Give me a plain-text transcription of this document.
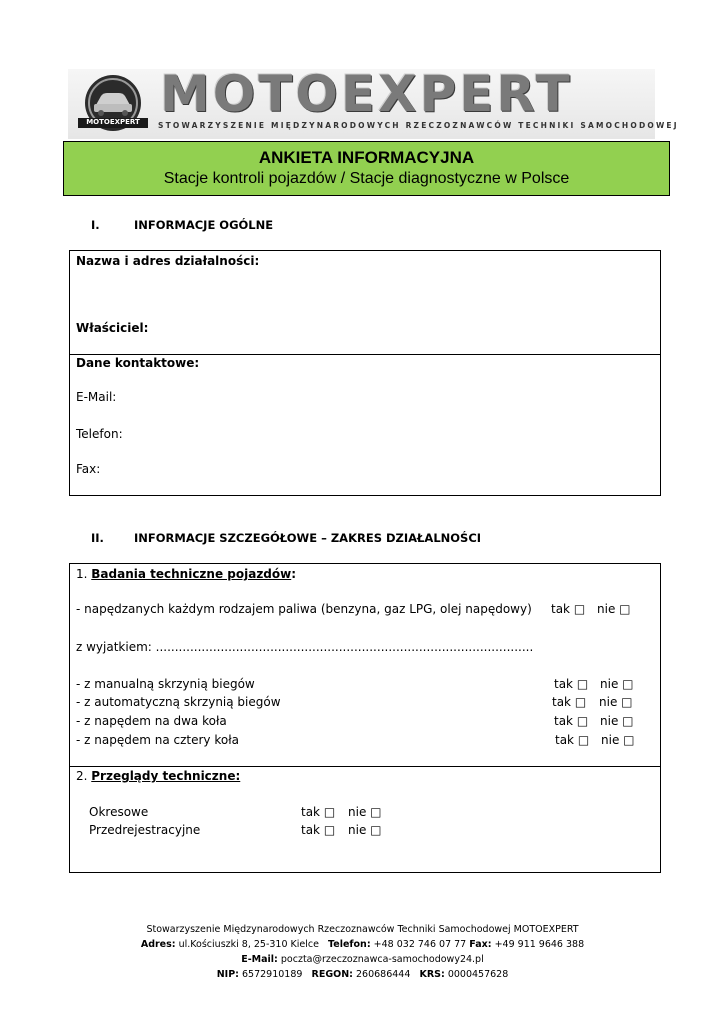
MOTOEXPERT MOTOEXPERT
STOWARZYSZENIE MIĘDZYNARODOWYCH RZECZOZNAWCÓW TECHNIKI SAMOCHODOWEJ
ANKIETA INFORMACYJNA
Stacje kontroli pojazdów / Stacje diagnostyczne w Polsce
I.	INFORMACJE OGÓLNE
Nazwa i adres działalności:
Właściciel:
Dane kontaktowe:
E-Mail:
Telefon:
Fax:
II.	INFORMACJE SZCZEGÓŁOWE – ZAKRES DZIAŁALNOŚCI
1. Badania techniczne pojazdów:
- napędzanych każdym rodzajem paliwa (benzyna, gaz LPG, olej napędowy) tak □ nie □
z wyjatkiem: ...................................................................................................
- z manualną skrzynią biegów	tak □ nie □
- z automatyczną skrzynią biegów	tak □ nie □
- z napędem na dwa koła	tak □ nie □
- z napędem na cztery koła	tak □ nie □
2. Przeglądy techniczne:
Okresowe	tak □ nie □
Przedrejestracyjne	tak □ nie □
Stowarzyszenie Międzynarodowych Rzeczoznawców Techniki Samochodowej MOTOEXPERT
Adres: ul.Kościuszki 8, 25-310 Kielce Telefon: +48 032 746 07 77 Fax: +49 911 9646 388
E-Mail: poczta@rzeczoznawca-samochodowy24.pl
NIP: 6572910189 REGON: 260686444 KRS: 0000457628
